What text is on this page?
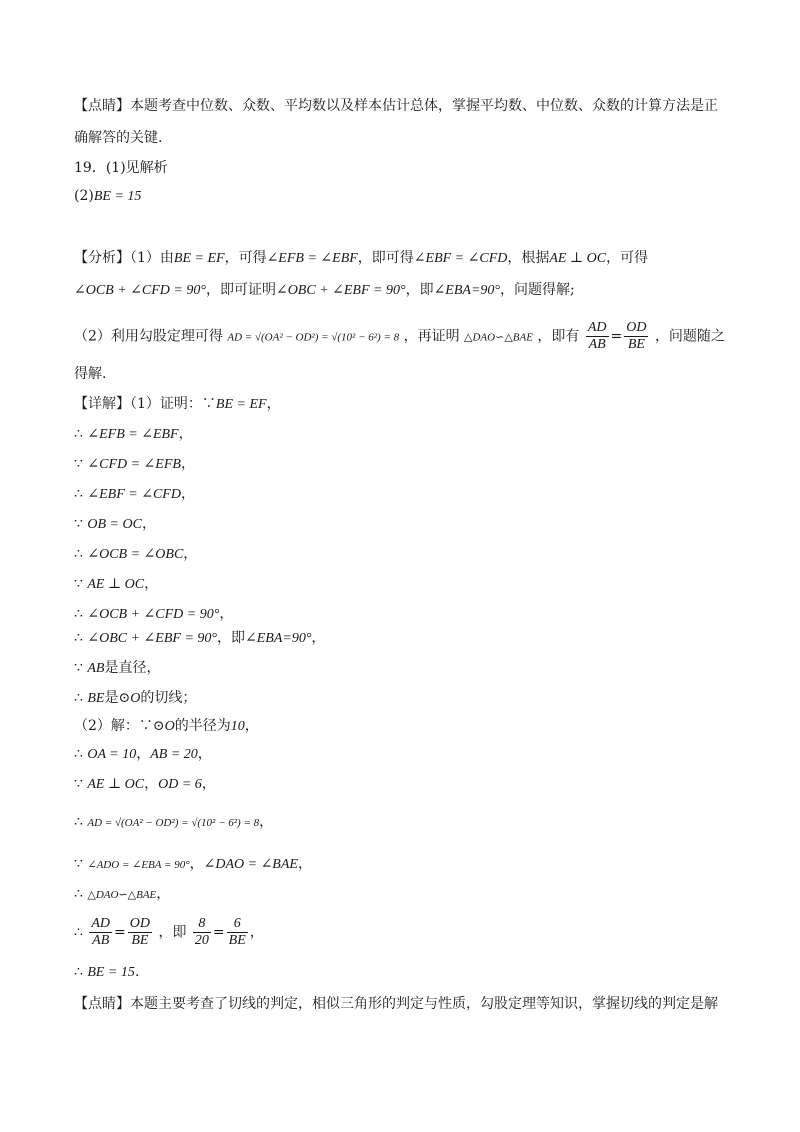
【点睛】本题考查中位数、众数、平均数以及样本估计总体，掌握平均数、中位数、众数的计算方法是正
确解答的关键.
19．(1)见解析
(2)BE = 15
【分析】（1）由BE = EF，可得∠EFB = ∠EBF，即可得∠EBF = ∠CFD，根据AE ⊥ OC，可得
∠OCB + ∠CFD = 90°，即可证明∠OBC + ∠EBF = 90°，即∠EBA=90°，问题得解;
（2）利用勾股定理可得 AD = √(OA² − OD²) = √(10² − 6²) = 8 ，再证明 △DAO∽△BAE ，即有 $\frac{AD}{AB} = \frac{OD}{BE}$ ，问题随之
得解.
【详解】（1）证明：∵BE = EF，
∴ ∠EFB = ∠EBF，
∵ ∠CFD = ∠EFB，
∴ ∠EBF = ∠CFD，
∵ OB = OC，
∴ ∠OCB = ∠OBC，
∵ AE ⊥ OC，
∴ ∠OCB + ∠CFD = 90°，
∴ ∠OBC + ∠EBF = 90°，即∠EBA=90°，
∵ AB是直径，
∴ BE是⊙O的切线；
（2）解：∵⊙O的半径为10，
∴ OA = 10，AB = 20，
∵ AE ⊥ OC，OD = 6，
∴ AD = √(OA² − OD²) = √(10² − 6²) = 8，
∵ ∠ADO = ∠EBA = 90°，∠DAO = ∠BAE，
∴ △DAO∽△BAE，
∴ $\frac{AD}{AB} = \frac{OD}{BE}$ ，即 $\frac{8}{20} = \frac{6}{BE}$ ，
∴ BE = 15.
【点睛】本题主要考查了切线的判定，相似三角形的判定与性质，勾股定理等知识，掌握切线的判定是解
